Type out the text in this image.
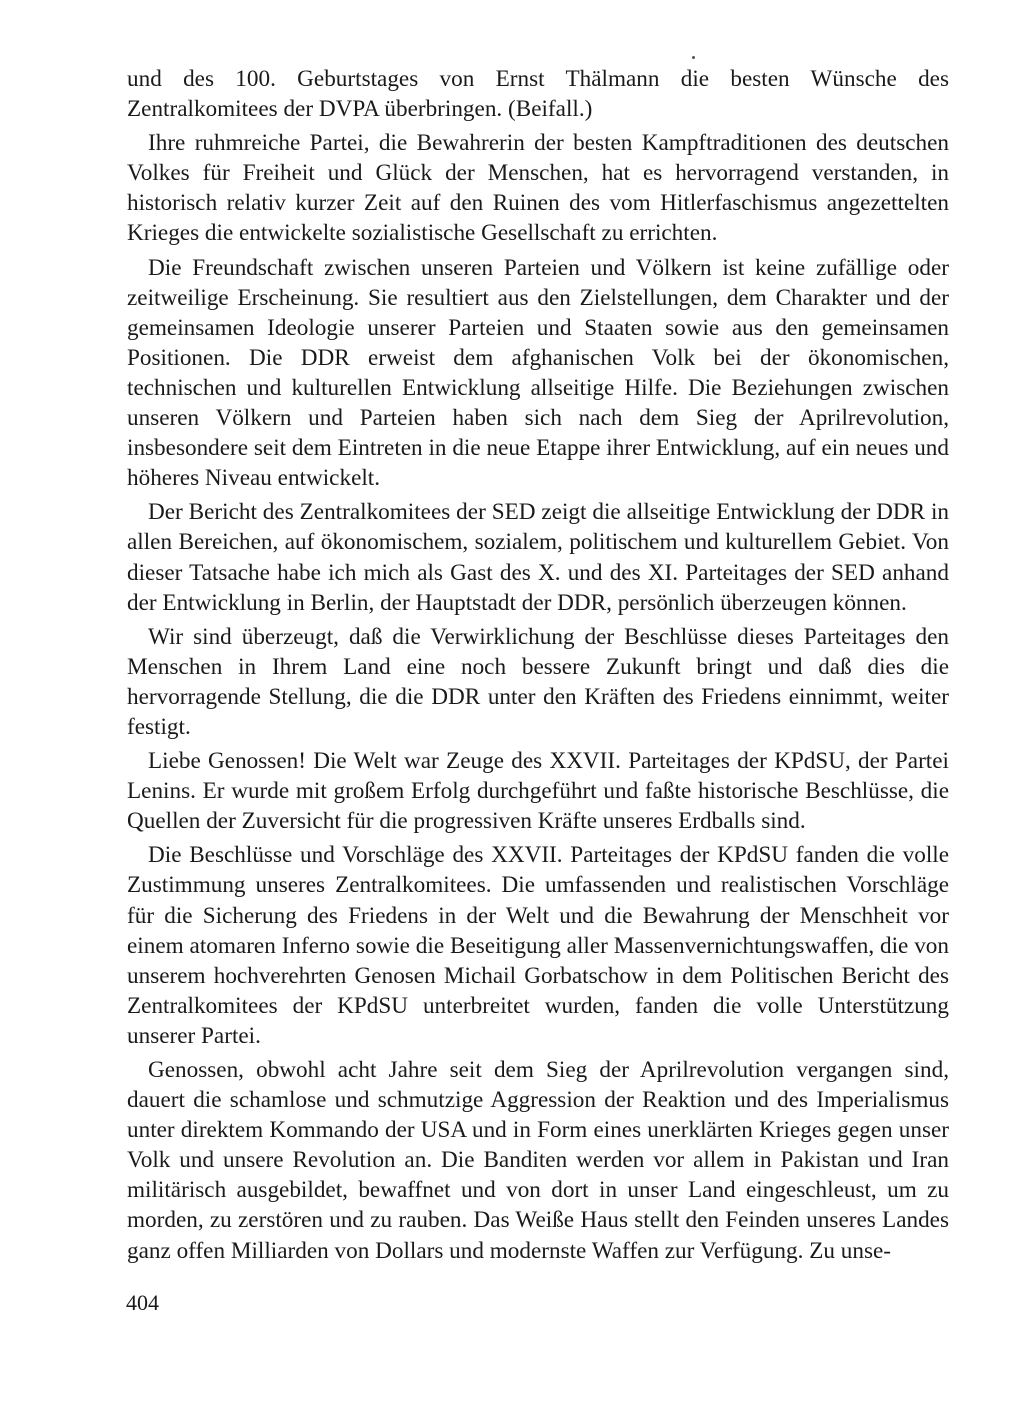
und des 100. Geburtstages von Ernst Thälmann die besten Wünsche des Zentralkomitees der DVPA überbringen. (Beifall.)

Ihre ruhmreiche Partei, die Bewahrerin der besten Kampftraditionen des deutschen Volkes für Freiheit und Glück der Menschen, hat es hervorragend verstanden, in historisch relativ kurzer Zeit auf den Ruinen des vom Hitlerfaschismus angezettelten Krieges die entwickelte sozialistische Gesellschaft zu errichten.

Die Freundschaft zwischen unseren Parteien und Völkern ist keine zufällige oder zeitweilige Erscheinung. Sie resultiert aus den Zielstellungen, dem Charakter und der gemeinsamen Ideologie unserer Parteien und Staaten sowie aus den gemeinsamen Positionen. Die DDR erweist dem afghanischen Volk bei der ökonomischen, technischen und kulturellen Entwicklung allseitige Hilfe. Die Beziehungen zwischen unseren Völkern und Parteien haben sich nach dem Sieg der Aprilrevolution, insbesondere seit dem Eintreten in die neue Etappe ihrer Entwicklung, auf ein neues und höheres Niveau entwickelt.

Der Bericht des Zentralkomitees der SED zeigt die allseitige Entwicklung der DDR in allen Bereichen, auf ökonomischem, sozialem, politischem und kulturellem Gebiet. Von dieser Tatsache habe ich mich als Gast des X. und des XI. Parteitages der SED anhand der Entwicklung in Berlin, der Hauptstadt der DDR, persönlich überzeugen können.

Wir sind überzeugt, daß die Verwirklichung der Beschlüsse dieses Parteitages den Menschen in Ihrem Land eine noch bessere Zukunft bringt und daß dies die hervorragende Stellung, die die DDR unter den Kräften des Friedens einnimmt, weiter festigt.

Liebe Genossen! Die Welt war Zeuge des XXVII. Parteitages der KPdSU, der Partei Lenins. Er wurde mit großem Erfolg durchgeführt und faßte historische Beschlüsse, die Quellen der Zuversicht für die progressiven Kräfte unseres Erdballs sind.

Die Beschlüsse und Vorschläge des XXVII. Parteitages der KPdSU fanden die volle Zustimmung unseres Zentralkomitees. Die umfassenden und realistischen Vorschläge für die Sicherung des Friedens in der Welt und die Bewahrung der Menschheit vor einem atomaren Inferno sowie die Beseitigung aller Massenvernichtungswaffen, die von unserem hochverehrten Genosen Michail Gorbatschow in dem Politischen Bericht des Zentralkomitees der KPdSU unterbreitet wurden, fanden die volle Unterstützung unserer Partei.

Genossen, obwohl acht Jahre seit dem Sieg der Aprilrevolution vergangen sind, dauert die schamlose und schmutzige Aggression der Reaktion und des Imperialismus unter direktem Kommando der USA und in Form eines unerklärten Krieges gegen unser Volk und unsere Revolution an. Die Banditen werden vor allem in Pakistan und Iran militärisch ausgebildet, bewaffnet und von dort in unser Land eingeschleust, um zu morden, zu zerstören und zu rauben. Das Weiße Haus stellt den Feinden unseres Landes ganz offen Milliarden von Dollars und modernste Waffen zur Verfügung. Zu unse-

404
